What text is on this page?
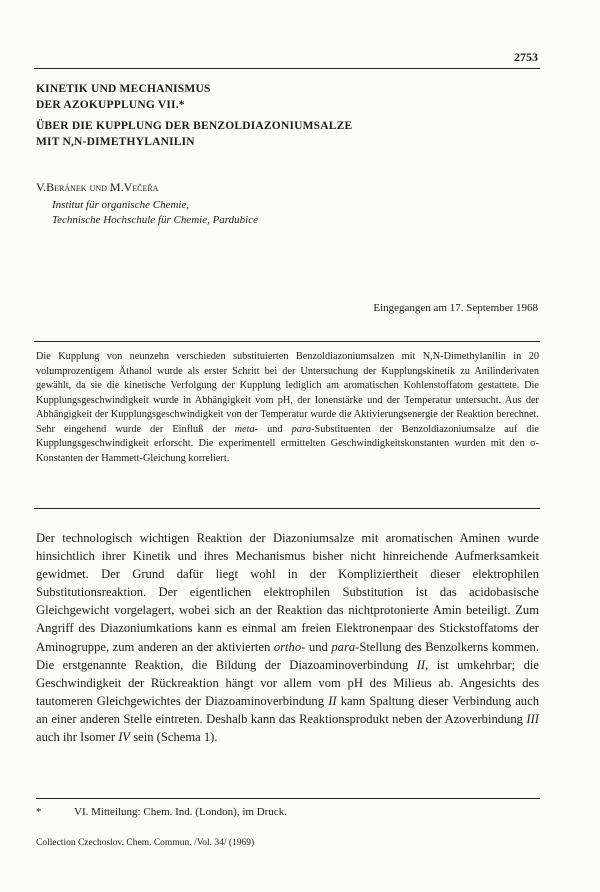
2753
KINETIK UND MECHANISMUS
DER AZOKUPPLUNG VII.*
ÜBER DIE KUPPLUNG DER BENZOLDIAZONIUMSALZE
MIT N,N-DIMETHYLANILIN
V.Beránek und M.Večeřa
Institut für organische Chemie,
Technische Hochschule für Chemie, Pardubice
Eingegangen am 17. September 1968
Die Kupplung von neunzehn verschieden substituierten Benzoldiazoniumsalzen mit N,N-Dimethylanilin in 20 volumprozentigem Äthanol wurde als erster Schritt bei der Untersuchung der Kupplungskinetik zu Anilinderivaten gewählt, da sie die kinetische Verfolgung der Kupplung lediglich am aromatischen Kohlenstoffatom gestattete. Die Kupplungsgeschwindigkeit wurde in Abhängigkeit vom pH, der Ionenstärke und der Temperatur untersucht. Aus der Abhängigkeit der Kupplungsgeschwindigkeit von der Temperatur wurde die Aktivierungsenergie der Reaktion berechnet. Sehr eingehend wurde der Einfluß der meta- und para-Substituenten der Benzoldiazoniumsalze auf die Kupplungsgeschwindigkeit erforscht. Die experimentell ermittelten Geschwindigkeitskonstanten wurden mit den σ-Konstanten der Hammett-Gleichung korreliert.
Der technologisch wichtigen Reaktion der Diazoniumsalze mit aromatischen Aminen wurde hinsichtlich ihrer Kinetik und ihres Mechanismus bisher nicht hinreichende Aufmerksamkeit gewidmet. Der Grund dafür liegt wohl in der Kompliziertheit dieser elektrophilen Substitutionsreaktion. Der eigentlichen elektrophilen Substitution ist das acidobasische Gleichgewicht vorgelagert, wobei sich an der Reaktion das nichtprotonierte Amin beteiligt. Zum Angriff des Diazoniumkations kann es einmal am freien Elektronenpaar des Stickstoffatoms der Aminogruppe, zum anderen an der aktivierten ortho- und para-Stellung des Benzolkerns kommen. Die erstgenannte Reaktion, die Bildung der Diazoaminoverbindung II, ist umkehrbar; die Geschwindigkeit der Rückreaktion hängt vor allem vom pH des Milieus ab. Angesichts des tautomeren Gleichgewichtes der Diazoaminoverbindung II kann Spaltung dieser Verbindung auch an einer anderen Stelle eintreten. Deshalb kann das Reaktionsprodukt neben der Azoverbindung III auch ihr Isomer IV sein (Schema 1).
*	VI. Mitteilung: Chem. Ind. (London), im Druck.
Collection Czechoslov. Chem. Commun. /Vol. 34/ (1969)
